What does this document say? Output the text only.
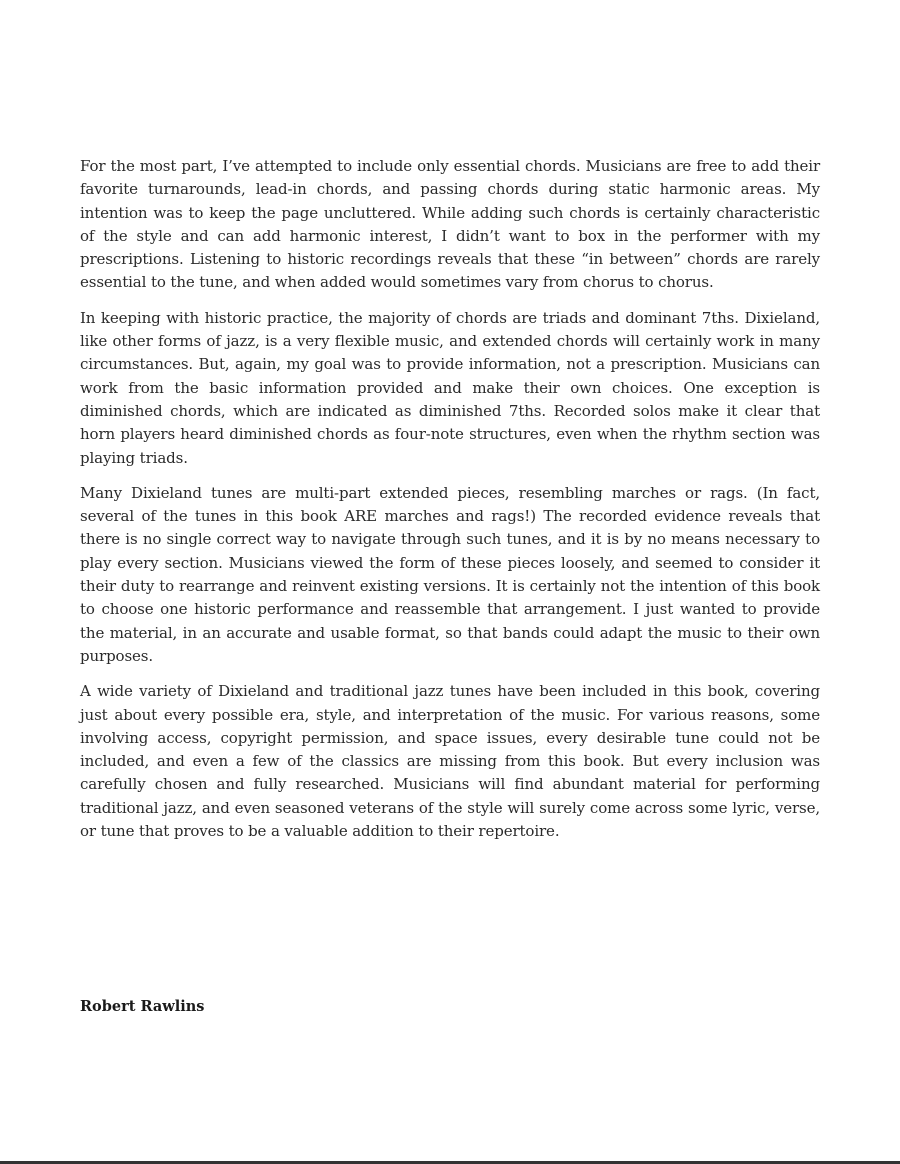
For the most part, I’ve attempted to include only essential chords. Musicians are free to add their favorite turnarounds, lead-in chords, and passing chords during static harmonic areas. My intention was to keep the page uncluttered. While adding such chords is certainly characteristic of the style and can add harmonic interest, I didn’t want to box in the performer with my prescriptions. Listening to historic recordings reveals that these “in between” chords are rarely essential to the tune, and when added would sometimes vary from chorus to chorus.

In keeping with historic practice, the majority of chords are triads and dominant 7ths. Dixieland, like other forms of jazz, is a very flexible music, and extended chords will certainly work in many circumstances. But, again, my goal was to provide information, not a prescription. Musicians can work from the basic information provided and make their own choices. One exception is diminished chords, which are indicated as diminished 7ths. Recorded solos make it clear that horn players heard diminished chords as four-note structures, even when the rhythm section was playing triads.

Many Dixieland tunes are multi-part extended pieces, resembling marches or rags. (In fact, several of the tunes in this book ARE marches and rags!) The recorded evidence reveals that there is no single correct way to navigate through such tunes, and it is by no means necessary to play every section. Musicians viewed the form of these pieces loosely, and seemed to consider it their duty to rearrange and reinvent existing versions. It is certainly not the intention of this book to choose one historic performance and reassemble that arrangement. I just wanted to provide the material, in an accurate and usable format, so that bands could adapt the music to their own purposes.

A wide variety of Dixieland and traditional jazz tunes have been included in this book, covering just about every possible era, style, and interpretation of the music. For various reasons, some involving access, copyright permission, and space issues, every desirable tune could not be included, and even a few of the classics are missing from this book. But every inclusion was carefully chosen and fully researched. Musicians will find abundant material for performing traditional jazz, and even seasoned veterans of the style will surely come across some lyric, verse, or tune that proves to be a valuable addition to their repertoire.

Robert Rawlins
